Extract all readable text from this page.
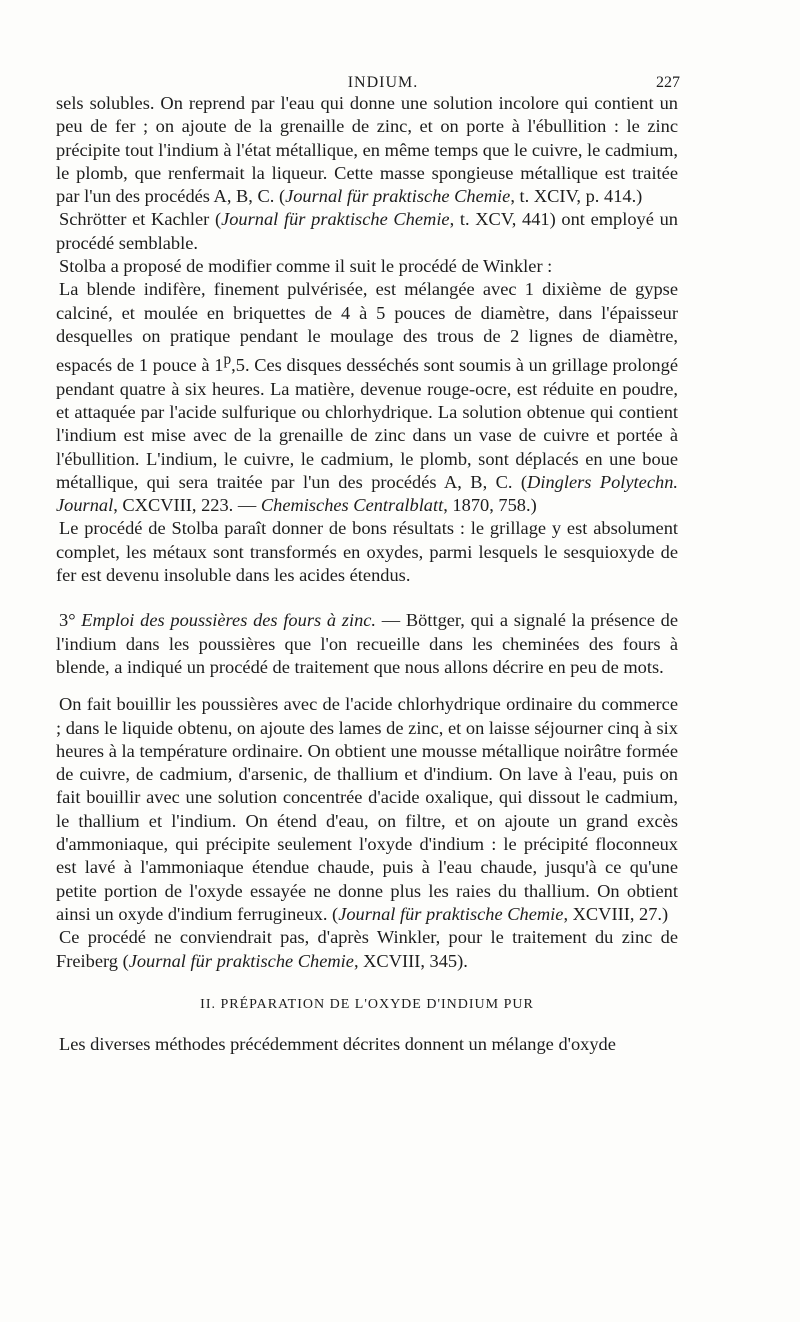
INDIUM.	227

sels solubles. On reprend par l'eau qui donne une solution incolore qui contient un peu de fer ; on ajoute de la grenaille de zinc, et on porte à l'ébullition : le zinc précipite tout l'indium à l'état métallique, en même temps que le cuivre, le cadmium, le plomb, que renfermait la liqueur. Cette masse spongieuse métallique est traitée par l'un des procédés A, B, C. (Journal für praktische Chemie, t. XCIV, p. 414.)

Schrötter et Kachler (Journal für praktische Chemie, t. XCV, 441) ont employé un procédé semblable.

Stolba a proposé de modifier comme il suit le procédé de Winkler :

La blende indifère, finement pulvérisée, est mélangée avec 1 dixième de gypse calciné, et moulée en briquettes de 4 à 5 pouces de diamètre, dans l'épaisseur desquelles on pratique pendant le moulage des trous de 2 lignes de diamètre, espacés de 1 pouce à 1$^p$,5. Ces disques desséchés sont soumis à un grillage prolongé pendant quatre à six heures. La matière, devenue rouge-ocre, est réduite en poudre, et attaquée par l'acide sulfurique ou chlorhydrique. La solution obtenue qui contient l'indium est mise avec de la grenaille de zinc dans un vase de cuivre et portée à l'ébullition. L'indium, le cuivre, le cadmium, le plomb, sont déplacés en une boue métallique, qui sera traitée par l'un des procédés A, B, C. (Dinglers Polytechn. Journal, CXCVIII, 223. — Chemisches Centralblatt, 1870, 758.)

Le procédé de Stolba paraît donner de bons résultats : le grillage y est absolument complet, les métaux sont transformés en oxydes, parmi lesquels le sesquioxyde de fer est devenu insoluble dans les acides étendus.

3° Emploi des poussières des fours à zinc. — Böttger, qui a signalé la présence de l'indium dans les poussières que l'on recueille dans les cheminées des fours à blende, a indiqué un procédé de traitement que nous allons décrire en peu de mots.

On fait bouillir les poussières avec de l'acide chlorhydrique ordinaire du commerce ; dans le liquide obtenu, on ajoute des lames de zinc, et on laisse séjourner cinq à six heures à la température ordinaire. On obtient une mousse métallique noirâtre formée de cuivre, de cadmium, d'arsenic, de thallium et d'indium. On lave à l'eau, puis on fait bouillir avec une solution concentrée d'acide oxalique, qui dissout le cadmium, le thallium et l'indium. On étend d'eau, on filtre, et on ajoute un grand excès d'ammoniaque, qui précipite seulement l'oxyde d'indium : le précipité floconneux est lavé à l'ammoniaque étendue chaude, puis à l'eau chaude, jusqu'à ce qu'une petite portion de l'oxyde essayée ne donne plus les raies du thallium. On obtient ainsi un oxyde d'indium ferrugineux. (Journal für praktische Chemie, XCVIII, 27.)

Ce procédé ne conviendrait pas, d'après Winkler, pour le traitement du zinc de Freiberg (Journal für praktische Chemie, XCVIII, 345).

II. PRÉPARATION DE L'OXYDE D'INDIUM PUR

Les diverses méthodes précédemment décrites donnent un mélange d'oxyde
